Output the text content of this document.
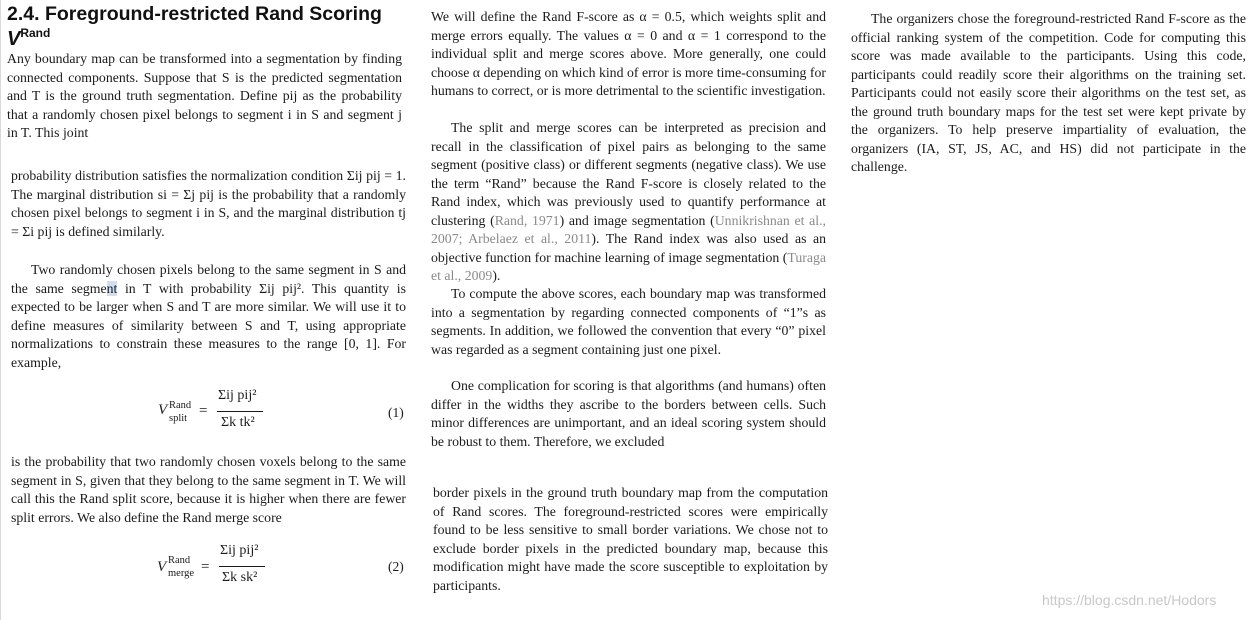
2.4. Foreground-restricted Rand Scoring
$V^{Rand}$

Any boundary map can be transformed into a segmentation by finding connected components. Suppose that S is the predicted segmentation and T is the ground truth segmentation. Define pij as the probability that a randomly chosen pixel belongs to segment i in S and segment j in T. This joint

probability distribution satisfies the normalization condition Σij pij = 1. The marginal distribution si = Σj pij is the probability that a randomly chosen pixel belongs to segment i in S, and the marginal distribution tj = Σi pij is defined similarly.

Two randomly chosen pixels belong to the same segment in S and the same segment in T with probability Σij pij². This quantity is expected to be larger when S and T are more similar. We will use it to define measures of similarity between S and T, using appropriate normalizations to constrain these measures to the range [0, 1]. For example,

V Rand
split =
Σij pij²
Σk tk²
(1)

is the probability that two randomly chosen voxels belong to the same segment in S, given that they belong to the same segment in T. We will call this the Rand split score, because it is higher when there are fewer split errors. We also define the Rand merge score

V Rand
merge =
Σij pij²
Σk sk²
(2)

We will define the Rand F-score as α = 0.5, which weights split and merge errors equally. The values α = 0 and α = 1 correspond to the individual split and merge scores above. More generally, one could choose α depending on which kind of error is more time-consuming for humans to correct, or is more detrimental to the scientific investigation.

The split and merge scores can be interpreted as precision and recall in the classification of pixel pairs as belonging to the same segment (positive class) or different segments (negative class). We use the term “Rand” because the Rand F-score is closely related to the Rand index, which was previously used to quantify performance at clustering (Rand, 1971) and image segmentation (Unnikrishnan et al., 2007; Arbelaez et al., 2011). The Rand index was also used as an objective function for machine learning of image segmentation (Turaga et al., 2009).

To compute the above scores, each boundary map was transformed into a segmentation by regarding connected components of “1”s as segments. In addition, we followed the convention that every “0” pixel was regarded as a segment containing just one pixel.

One complication for scoring is that algorithms (and humans) often differ in the widths they ascribe to the borders between cells. Such minor differences are unimportant, and an ideal scoring system should be robust to them. Therefore, we excluded

border pixels in the ground truth boundary map from the computation of Rand scores. The foreground-restricted scores were empirically found to be less sensitive to small border variations. We chose not to exclude border pixels in the predicted boundary map, because this modification might have made the score susceptible to exploitation by participants.

The organizers chose the foreground-restricted Rand F-score as the official ranking system of the competition. Code for computing this score was made available to the participants. Using this code, participants could readily score their algorithms on the training set. Participants could not easily score their algorithms on the test set, as the ground truth boundary maps for the test set were kept private by the organizers. To help preserve impartiality of evaluation, the organizers (IA, ST, JS, AC, and HS) did not participate in the challenge.

https://blog.csdn.net/Hodors
